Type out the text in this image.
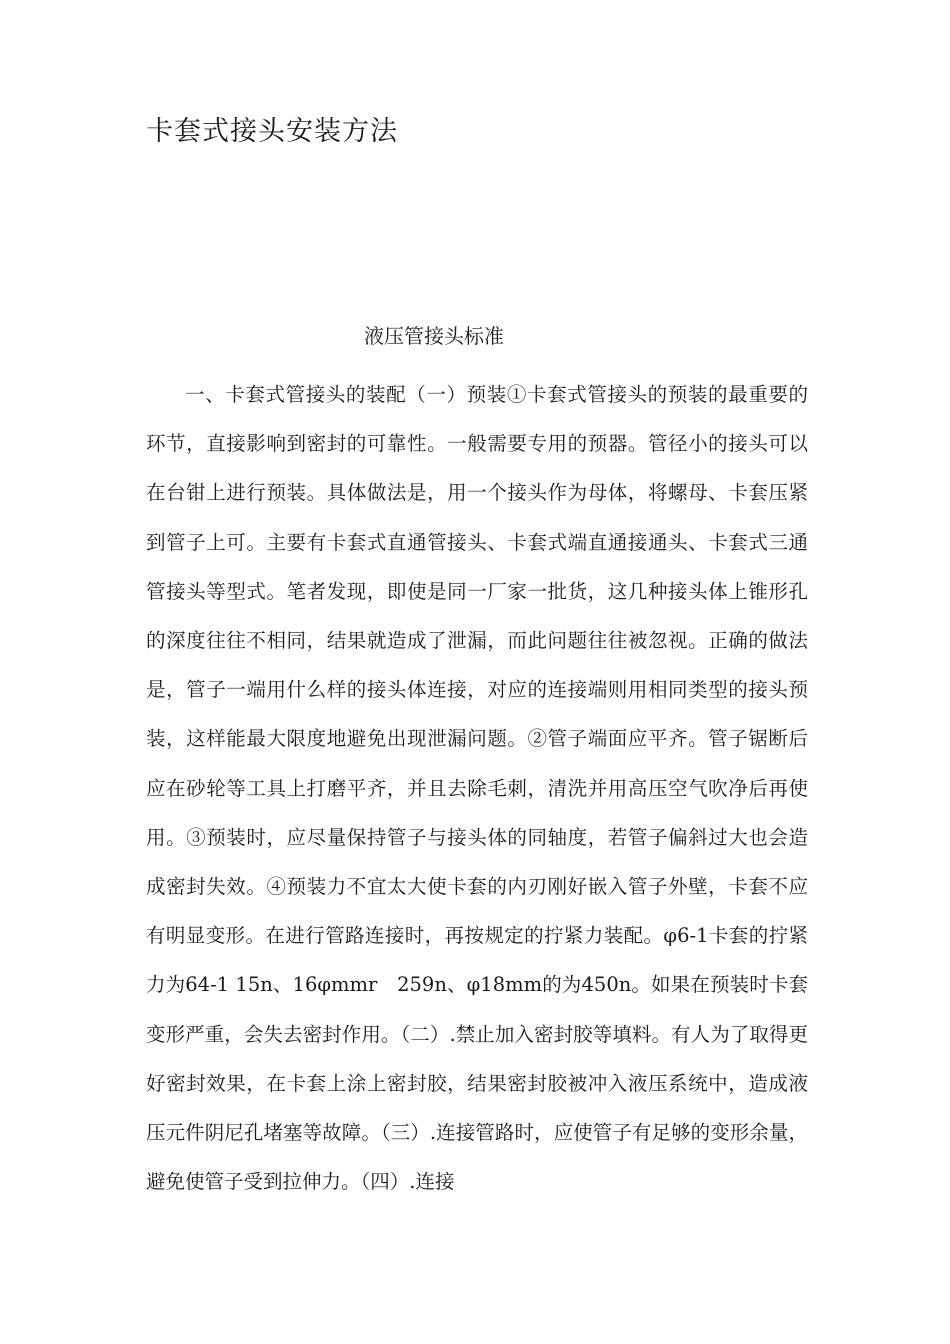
卡套式接头安装方法
液压管接头标准

一、卡套式管接头的装配（一）预装①卡套式管接头的预装的最重要的环节，直接影响到密封的可靠性。一般需要专用的预器。管径小的接头可以在台钳上进行预装。具体做法是，用一个接头作为母体，将螺母、卡套压紧到管子上可。主要有卡套式直通管接头、卡套式端直通接通头、卡套式三通管接头等型式。笔者发现，即使是同一厂家一批货，这几种接头体上锥形孔的深度往往不相同，结果就造成了泄漏，而此问题往往被忽视。正确的做法是，管子一端用什么样的接头体连接，对应的连接端则用相同类型的接头预装，这样能最大限度地避免出现泄漏问题。②管子端面应平齐。管子锯断后应在砂轮等工具上打磨平齐，并且去除毛刺，清洗并用高压空气吹净后再使用。③预装时，应尽量保持管子与接头体的同轴度，若管子偏斜过大也会造成密封失效。④预装力不宜太大使卡套的内刃刚好嵌入管子外壁，卡套不应有明显变形。在进行管路连接时，再按规定的拧紧力装配。φ6-1卡套的拧紧力为64-1 15n、16φmmr　259n、φ18mm的为450n。如果在预装时卡套变形严重，会失去密封作用。（二）.禁止加入密封胶等填料。有人为了取得更好密封效果，在卡套上涂上密封胶，结果密封胶被冲入液压系统中，造成液压元件阴尼孔堵塞等故障。（三）.连接管路时，应使管子有足够的变形余量，避免使管子受到拉伸力。（四）.连接
